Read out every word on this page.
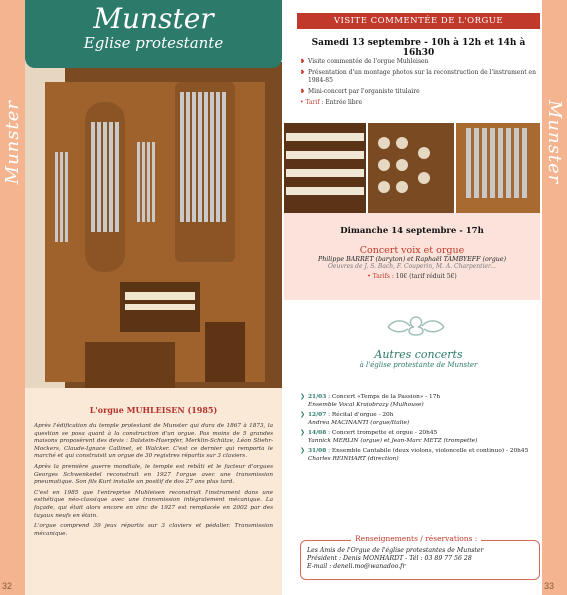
Munster
32
Munster
33
Munster
Eglise protestante
L'orgue MUHLEISEN (1985)

Après l'édification du temple protestant de Munster qui dura de 1867 à 1873, la question se posa quant à la construction d'un orgue. Pas moins de 5 grandes maisons proposèrent des devis : Dalstein-Haerpfer, Merklin-Schütze, Léon Stiehr-Mockers, Claude-Ignace Callinet, et Walcker. C'est ce dernier qui remporta le marché et qui construisit un orgue de 30 registres répartis sur 3 claviers.

Après la première guerre mondiale, le temple est rebâti et le facteur d'orgues Georges Schwenkedel reconstruit en 1927 l'orgue avec une transmission pneumatique. Son fils Kurt installe un positif de dos 27 ans plus tard.

C'est en 1985 que l'entreprise Muhleisen reconstruit l'instrument dans une esthétique néo-classique avec une transmission intégralement mécanique. La façade, qui était alors encore en zinc de 1927 est remplacée en 2002 par des tuyaux neufs en étain.

L'orgue comprend 39 jeux répartis sur 3 claviers et pédalier. Transmission mécanique.

VISITE COMMENTÉE DE L'ORGUE
Samedi 13 septembre - 10h à 12h et 14h à 16h30
❥ Visite commentée de l'orgue Muhleisen
❥ Présentation d'un montage photos sur la reconstruction de l'instrument en 1984-85
❥ Mini-concert par l'organiste titulaire
• Tarif : Entrée libre
Dimanche 14 septembre - 17h
Concert voix et orgue
Philippe BARRET (baryton) et Raphaël TAMBYEFF (orgue)
Oeuvres de J. S. Bach, F. Couperin, M. A. Charpentier...
• Tarifs : 10€ (tarif réduit 5€)
Autres concerts
à l'église protestante de Munster
❯ 21/03 : Concert «Temps de la Passion» - 17h
Ensemble Vocal Kraiobrazy (Mulhouse)
❯ 12/07 : Récital d'orgue - 20h
Andrea MACINANTI (orgue/Italie)
❯ 14/08 : Concert trompette et orgue - 20h45
Yannick MERLIN (orgue) et Jean-Marc METZ (trompette)
❯ 31/08 : Ensemble Cantabile (deux violons, violoncelle et continuo) - 20h45
Charles REINHART (direction)
Renseignements / réservations :
Les Amis de l'Orgue de l'église protestantes de Munster
Président : Denis MONHARDT - Tél : 03 89 77 56 28
E-mail : deneli.mo@wanadoo.fr
